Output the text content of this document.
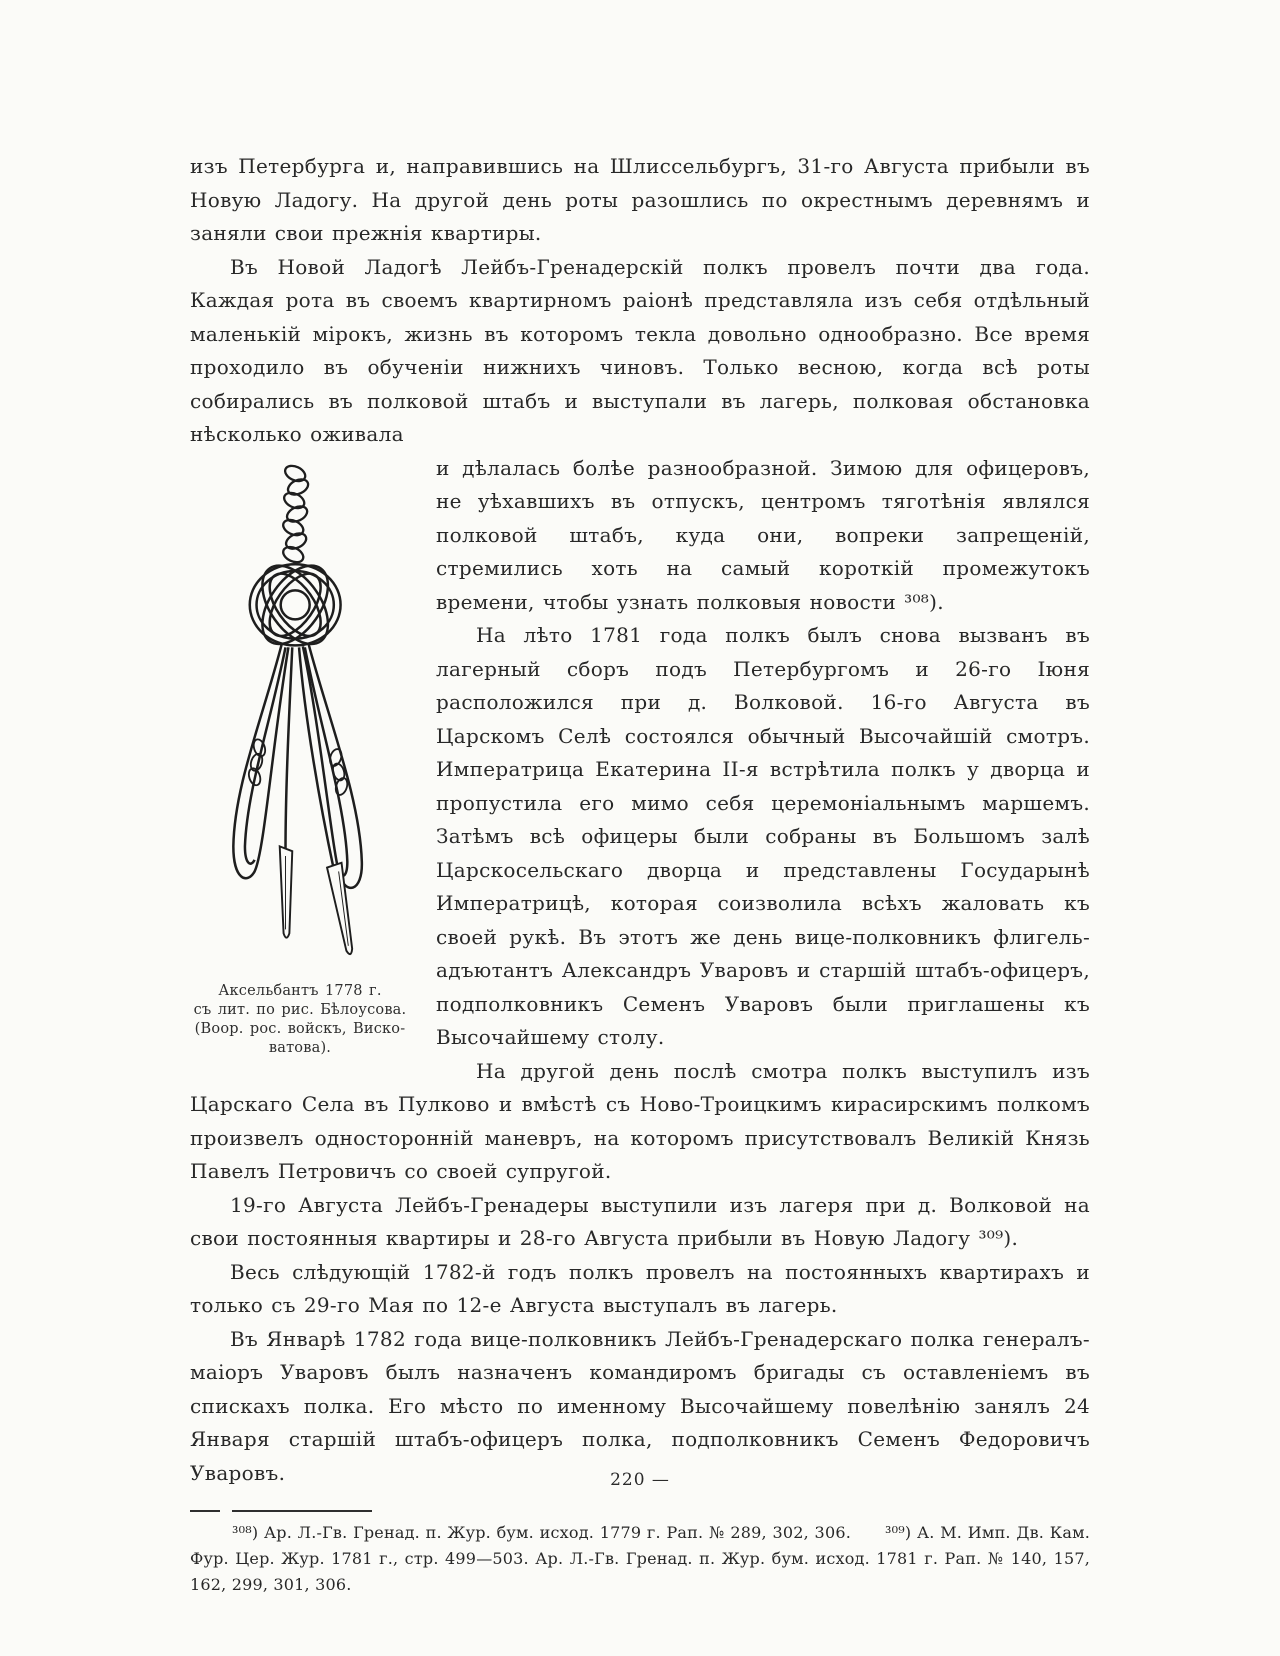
изъ Петербурга и, направившись на Шлиссельбургъ, 31-го Августа прибыли въ Новую Ладогу. На другой день роты разошлись по окрестнымъ деревнямъ и заняли свои прежнія квартиры.

Въ Новой Ладогѣ Лейбъ-Гренадерскій полкъ провелъ почти два года. Каждая рота въ своемъ квартирномъ раіонѣ представляла изъ себя отдѣльный маленькій мірокъ, жизнь въ которомъ текла довольно однообразно. Все время проходило въ обученіи нижнихъ чиновъ. Только весною, когда всѣ роты собирались въ полковой штабъ и выступали въ лагерь, полковая обстановка нѣсколько оживала

Аксельбантъ 1778 г.
съ лит. по рис. Бѣлоусова.
(Воор. рос. войскъ, Виско-
ватова).

и дѣлалась болѣе разнообразной. Зимою для офицеровъ, не уѣхавшихъ въ отпускъ, центромъ тяготѣнія являлся полковой штабъ, куда они, вопреки запрещеній, стремились хоть на самый короткій промежутокъ времени, чтобы узнать полковыя новости ³⁰⁸).

На лѣто 1781 года полкъ былъ снова вызванъ въ лагерный сборъ подъ Петербургомъ и 26-го Іюня расположился при д. Волковой. 16-го Августа въ Царскомъ Селѣ состоялся обычный Высочайшій смотръ. Императрица Екатерина II-я встрѣтила полкъ у дворца и пропустила его мимо себя церемоніальнымъ маршемъ. Затѣмъ всѣ офицеры были собраны въ Большомъ залѣ Царскосельскаго дворца и представлены Государынѣ Императрицѣ, которая соизволила всѣхъ жаловать къ своей рукѣ. Въ этотъ же день вице-полковникъ флигель-адъютантъ Александръ Уваровъ и старшій штабъ-офицеръ, подполковникъ Семенъ Уваровъ были приглашены къ Высочайшему столу.

На другой день послѣ смотра полкъ выступилъ изъ Царскаго Села въ Пулково и вмѣстѣ съ Ново-Троицкимъ кирасирскимъ полкомъ произвелъ односторонній маневръ, на которомъ присутствовалъ Великій Князь Павелъ Петровичъ со своей супругой.

19-го Августа Лейбъ-Гренадеры выступили изъ лагеря при д. Волковой на свои постоянныя квартиры и 28-го Августа прибыли въ Новую Ладогу ³⁰⁹).

Весь слѣдующій 1782-й годъ полкъ провелъ на постоянныхъ квартирахъ и только съ 29-го Мая по 12-е Августа выступалъ въ лагерь.

Въ Январѣ 1782 года вице-полковникъ Лейбъ-Гренадерскаго полка генералъ-маіоръ Уваровъ былъ назначенъ командиромъ бригады съ оставленіемъ въ спискахъ полка. Его мѣсто по именному Высочайшему повелѣнію занялъ 24 Января старшій штабъ-офицеръ полка, подполковникъ Семенъ Федоровичъ Уваровъ.

³⁰⁸) Ар. Л.-Гв. Гренад. п. Жур. бум. исход. 1779 г. Рап. № 289, 302, 306. ³⁰⁹) А. М. Имп. Дв. Кам. Фур. Цер. Жур. 1781 г., стр. 499—503. Ар. Л.-Гв. Гренад. п. Жур. бум. исход. 1781 г. Рап. № 140, 157, 162, 299, 301, 306.

220 —
